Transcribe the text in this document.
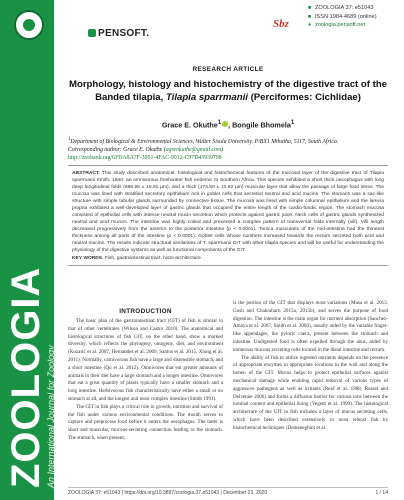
ZOOLOGIA
An International Journal for Zoology
PENSOFT.
Sbz
■ ZOOLOGIA 37: e51043
■ ISSN 1984-4689 (online)
● zoologia.pensoft.net
RESEARCH ARTICLE
Morphology, histology and histochemistry of the digestive tract of the Banded tilapia, Tilapia sparrmanii (Perciformes: Cichlidae)
Grace E. Okuthe$^1$ , Bongile Bhomela$^1$
$^1$Department of Biological & Environmental Sciences, Walter Sisulu University. P/BX1 Mthatha, 5117, South Africa.
Corresponding author: Grace E. Okuthe (agreokuthe@gmail.com)
http://zoobank.org/6FDA8A7F-3951-4FAC-9912-C97D43939798
ABSTRACT. This study described anatomical, histological and histochemical features of the mucosal layer of the digestive tract of Tilapia sparrmanii Smith, 1840, an omnivorous freshwater fish endemic to Southern Africa. This species exhibited a short thick oesophagus with long deep longitudinal folds (666.68 ± 16.91 µm), and a thick (173.50 ± 10.92 µm) muscular layer that allow the passage of large food items. The mucosa was lined with stratified secretory epithelium rich in goblet cells that secreted neutral and acid mucins. The stomach was a sac-like structure with simple tubular glands surrounded by connective tissue. The mucosa was lined with simple columnar epithelium and the lamina propria exhibited a well-developed layer of gastric glands that occupied the entire length of the cardio-fundic region. The stomach mucosa consisted of epithelial cells with intense neutral mucin secretion which protects against gastric juice. Neck cells of gastric glands synthesized neutral and acid mucins. The intestine was highly coiled and presented a complex pattern of transversal folds internally (vill). Villi length decreased progressively from the anterior to the posterior intestine (p < 0.0001). Tunica muscularis of the mid-intestine had the thinnest thickness among all parts of the intestine (p < 0.0001). Goblet cells whose numbers increased towards the rectum secreted both acid and neutral mucins. The results indicate structural similarities of T. sparrmanii GIT with other tilapia species and will be useful for understanding the physiology of the digestive systems as well as functional components of the GIT.
KEY WORDS. Fish, gastrointestinal tract, histo-architecture
INTRODUCTION

The basic plan of the gastrointestinal tract (GIT) of fish is similar to that of other vertebrates (Wilson and Castro 2010). The anatomical and histological structures of fish GIT, on the other hand, show a marked diversity, which reflects the phylogeny, ontogeny, diet, and environment (Kozarić et al. 2007, Hernandes et al. 2009, Santos et al. 2015, Xiong et al. 2011). Normally, carnivorous fish have a large and distensible stomach, and a short intestine (Qu et al. 2012). Omnivores that eat greater amounts of animals in their diet have a large stomach and a longer intestine. Omnivores that eat a great quantity of plants typically have a smaller stomach and a long intestine. Herbivorous fish characteristically have either a small or no stomach at all, and the longest and most complex intestine (Smith 1991).

The GIT in fish plays a critical role in growth, nutrition and survival of the fish under various environmental conditions. The mouth serves to capture and preprocess food before it enters the oesophagus. The latter is short and muscular, mucous-secreting connection leading to the stomach. The stomach, when present,

is the portion of the GIT that displays most variations (Musa et al. 2013, Gosh and Chakrabarti 2015a, 2015b), and serves the purpose of food digestion. The intestine is the main organ for nutrient absorption (Sanchez-Amaya et al. 2007, Smith et al. 2000), usually aided by the variable finger-like appendages, the pyloric caeca, present between the stomach and intestine. Undigested food is often expelled through the anus, aided by numerous mucous secreting cells located in the distal intestine and rectum.

The ability of fish to utilize ingested nutrients depends on the presence of appropriate enzymes in appropriate locations in the wall and along the lumen of the GIT. Mucus helps to protect epithelial surfaces against mechanical damage while enabling rapid removal of various types of aggressive pathogens as well as irritants (Reid et al. 1988, Rosset and Delvenne 2006) and forms a diffusion barrier for various ions between the luminal content and epithelial lining (Vegetti et al. 1999). The histological architecture of the GIT in fish includes a layer of mucus secreting cells, which have been described extensively in most teleost fish by histochemical techniques (Domeneghini et al.

ZOOLOGIA 37: e51043 | https://doi.org/10.3897/zoologia.37.e51043 | December 23, 2020	1 / 14
